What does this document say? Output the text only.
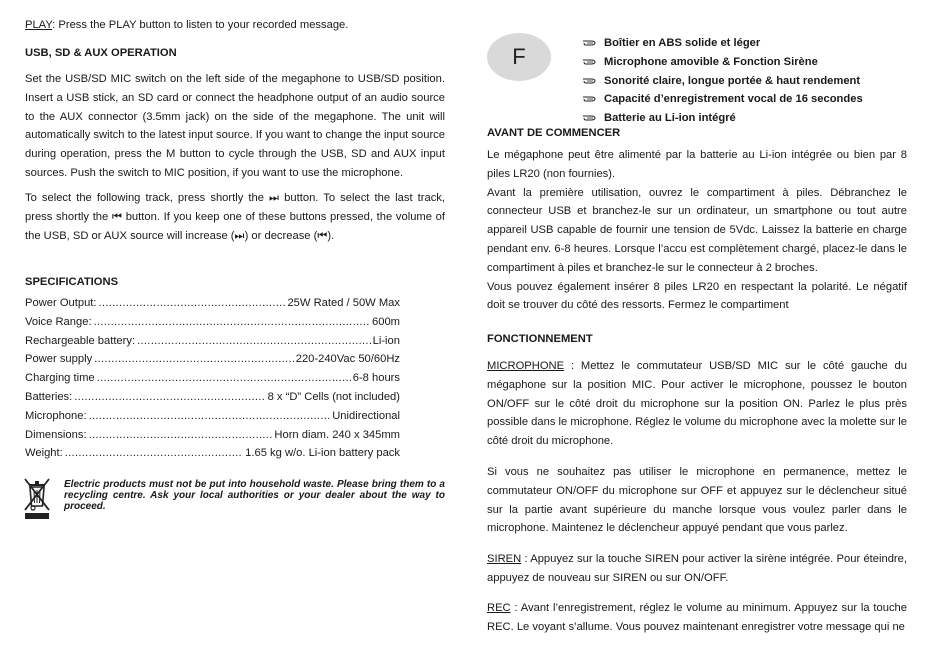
PLAY: Press the PLAY button to listen to your recorded message.

USB, SD & AUX OPERATION

Set the USB/SD MIC switch on the left side of the megaphone to USB/SD position. Insert a USB stick, an SD card or connect the headphone output of an audio source to the AUX connector (3.5mm jack) on the side of the megaphone. The unit will automatically switch to the latest input source. If you want to change the input source during operation, press the M button to cycle through the USB, SD and AUX input sources. Push the switch to MIC position, if you want to use the microphone.

To select the following track, press shortly the ⏭ button. To select the last track, press shortly the ⏮ button. If you keep one of these buttons pressed, the volume of the USB, SD or AUX source will increase (⏭) or decrease (⏮).

SPECIFICATIONS

Power Output: .....	25W Rated / 50W Max
Voice Range: .....	600m
Rechargeable battery: .....	Li-ion
Power supply .....	220-240Vac 50/60Hz
Charging time .....	6-8 hours
Batteries: .....	8 x “D” Cells (not included)
Microphone: .....	Unidirectional
Dimensions: .....	Horn diam. 240 x 345mm
Weight: .....	1.65 kg w/o. Li-ion battery pack

Electric products must not be put into household waste. Please bring them to a recycling centre. Ask your local authorities or your dealer about the way to proceed.

F
Boîtier en ABS solide et léger
Microphone amovible & Fonction Sirène
Sonorité claire, longue portée & haut rendement
Capacité d’enregistrement vocal de 16 secondes
Batterie au Li-ion intégré

AVANT DE COMMENCER

Le mégaphone peut être alimenté par la batterie au Li-ion intégrée ou bien par 8 piles LR20 (non fournies).

Avant la première utilisation, ouvrez le compartiment à piles. Débranchez le connecteur USB et branchez-le sur un ordinateur, un smartphone ou tout autre appareil USB capable de fournir une tension de 5Vdc. Laissez la batterie en charge pendant env. 6-8 heures. Lorsque l’accu est complètement chargé, placez-le dans le compartiment à piles et branchez-le sur le connecteur à 2 broches.

Vous pouvez également insérer 8 piles LR20 en respectant la polarité. Le négatif doit se trouver du côté des ressorts. Fermez le compartiment

FONCTIONNEMENT

MICROPHONE : Mettez le commutateur USB/SD MIC sur le côté gauche du mégaphone sur la position MIC. Pour activer le microphone, poussez le bouton ON/OFF sur le côté droit du microphone sur la position ON. Parlez le plus près possible dans le microphone. Réglez le volume du microphone avec la molette sur le côté droit du microphone.

Si vous ne souhaitez pas utiliser le microphone en permanence, mettez le commutateur ON/OFF du microphone sur OFF et appuyez sur le déclencheur situé sur la partie avant supérieure du manche lorsque vous voulez parler dans le microphone. Maintenez le déclencheur appuyé pendant que vous parlez.

SIREN : Appuyez sur la touche SIREN pour activer la sirène intégrée. Pour éteindre, appuyez de nouveau sur SIREN ou sur ON/OFF.

REC : Avant l’enregistrement, réglez le volume au minimum. Appuyez sur la touche REC. Le voyant s’allume. Vous pouvez maintenant enregistrer votre message qui ne
